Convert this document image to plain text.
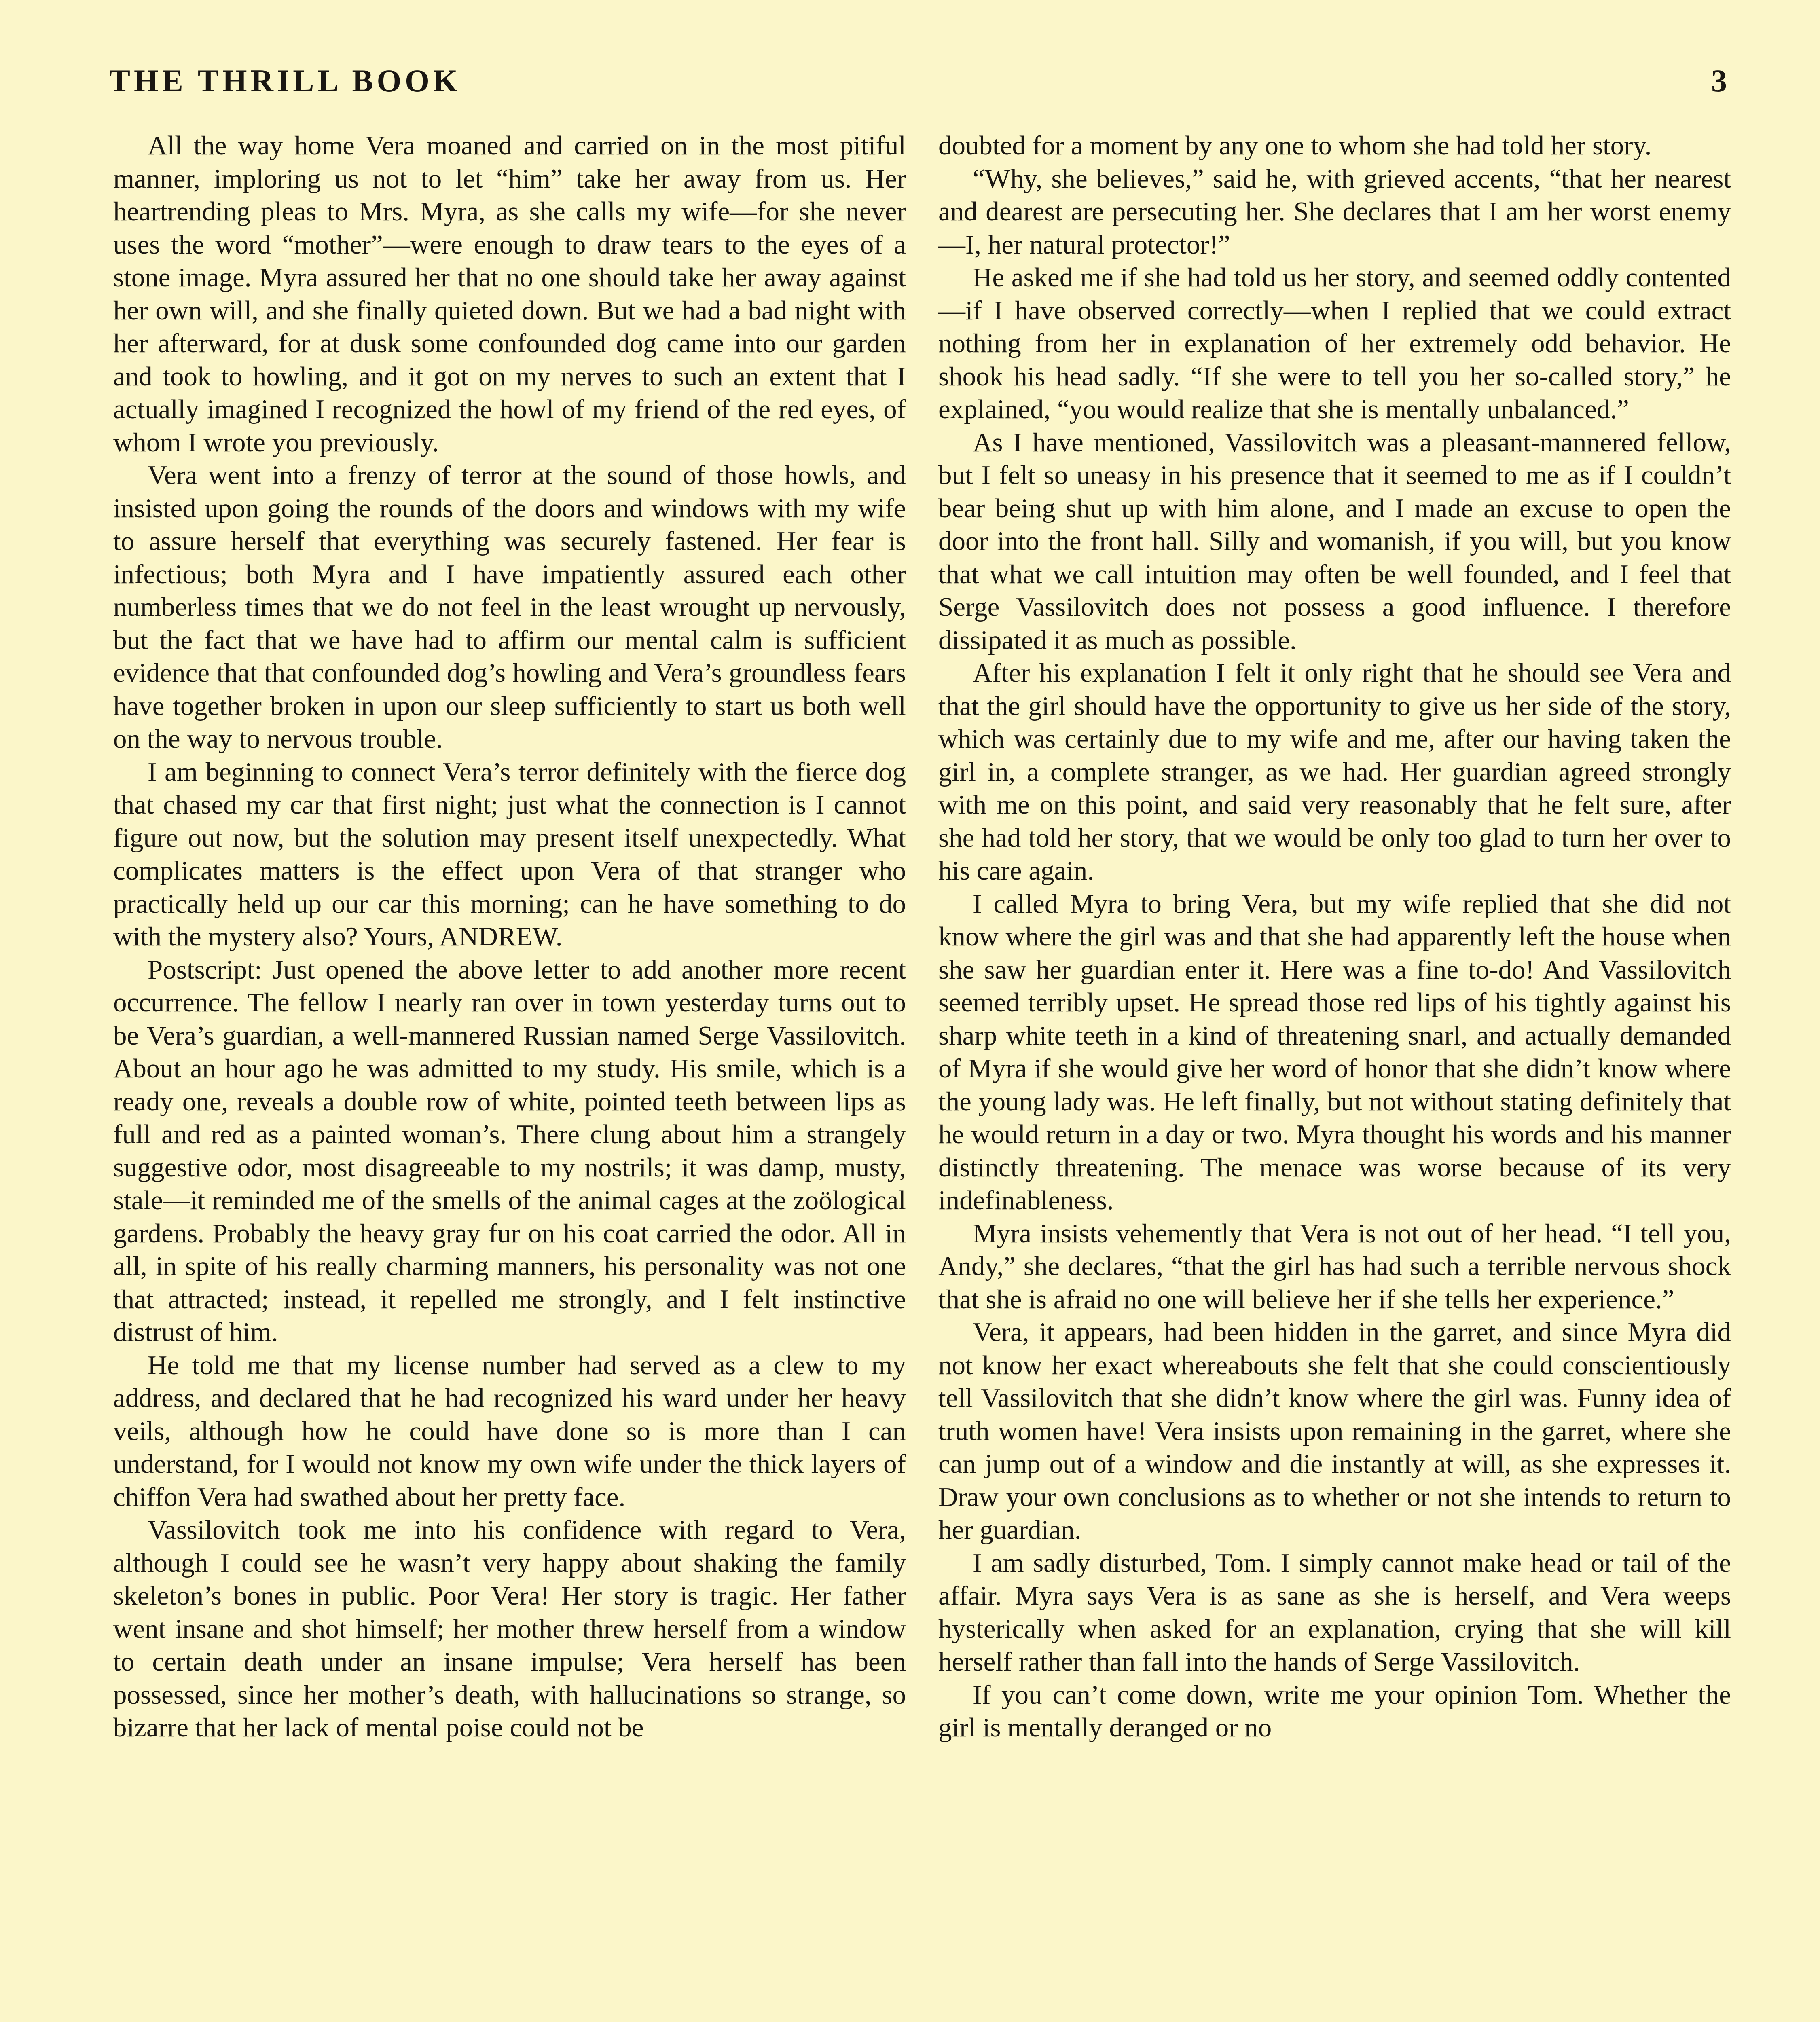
THE THRILL BOOK	3

All the way home Vera moaned and carried on in the most pitiful manner, imploring us not to let “him” take her away from us. Her heartrending pleas to Mrs. Myra, as she calls my wife—for she never uses the word “mother”—were enough to draw tears to the eyes of a stone image. Myra assured her that no one should take her away against her own will, and she finally quieted down. But we had a bad night with her afterward, for at dusk some confounded dog came into our garden and took to howling, and it got on my nerves to such an extent that I actually imagined I recognized the howl of my friend of the red eyes, of whom I wrote you previously.

Vera went into a frenzy of terror at the sound of those howls, and insisted upon going the rounds of the doors and windows with my wife to assure herself that everything was securely fastened. Her fear is infectious; both Myra and I have impatiently assured each other numberless times that we do not feel in the least wrought up nervously, but the fact that we have had to affirm our mental calm is sufficient evidence that that confounded dog’s howling and Vera’s groundless fears have together broken in upon our sleep sufficiently to start us both well on the way to nervous trouble.

I am beginning to connect Vera’s terror definitely with the fierce dog that chased my car that first night; just what the connection is I cannot figure out now, but the solution may present itself unexpectedly. What complicates matters is the effect upon Vera of that stranger who practically held up our car this morning; can he have something to do with the mystery also? Yours, ANDREW.

Postscript: Just opened the above letter to add another more recent occurrence. The fellow I nearly ran over in town yesterday turns out to be Vera’s guardian, a well-mannered Russian named Serge Vassilovitch. About an hour ago he was admitted to my study. His smile, which is a ready one, reveals a double row of white, pointed teeth between lips as full and red as a painted woman’s. There clung about him a strangely suggestive odor, most disagreeable to my nostrils; it was damp, musty, stale—it reminded me of the smells of the animal cages at the zoölogical gardens. Probably the heavy gray fur on his coat carried the odor. All in all, in spite of his really charming manners, his personality was not one that attracted; instead, it repelled me strongly, and I felt instinctive distrust of him.

He told me that my license number had served as a clew to my address, and declared that he had recognized his ward under her heavy veils, although how he could have done so is more than I can understand, for I would not know my own wife under the thick layers of chiffon Vera had swathed about her pretty face.

Vassilovitch took me into his confidence with regard to Vera, although I could see he wasn’t very happy about shaking the family skeleton’s bones in public. Poor Vera! Her story is tragic. Her father went insane and shot himself; her mother threw herself from a window to certain death under an insane impulse; Vera herself has been possessed, since her mother’s death, with hallucinations so strange, so bizarre that her lack of mental poise could not be

doubted for a moment by any one to whom she had told her story.

“Why, she believes,” said he, with grieved accents, “that her nearest and dearest are persecuting her. She declares that I am her worst enemy—I, her natural protector!”

He asked me if she had told us her story, and seemed oddly contented—if I have observed correctly—when I replied that we could extract nothing from her in explanation of her extremely odd behavior. He shook his head sadly. “If she were to tell you her so-called story,” he explained, “you would realize that she is mentally unbalanced.”

As I have mentioned, Vassilovitch was a pleasant-mannered fellow, but I felt so uneasy in his presence that it seemed to me as if I couldn’t bear being shut up with him alone, and I made an excuse to open the door into the front hall. Silly and womanish, if you will, but you know that what we call intuition may often be well founded, and I feel that Serge Vassilovitch does not possess a good influence. I therefore dissipated it as much as possible.

After his explanation I felt it only right that he should see Vera and that the girl should have the opportunity to give us her side of the story, which was certainly due to my wife and me, after our having taken the girl in, a complete stranger, as we had. Her guardian agreed strongly with me on this point, and said very reasonably that he felt sure, after she had told her story, that we would be only too glad to turn her over to his care again.

I called Myra to bring Vera, but my wife replied that she did not know where the girl was and that she had apparently left the house when she saw her guardian enter it. Here was a fine to-do! And Vassilovitch seemed terribly upset. He spread those red lips of his tightly against his sharp white teeth in a kind of threatening snarl, and actually demanded of Myra if she would give her word of honor that she didn’t know where the young lady was. He left finally, but not without stating definitely that he would return in a day or two. Myra thought his words and his manner distinctly threatening. The menace was worse because of its very indefinableness.

Myra insists vehemently that Vera is not out of her head. “I tell you, Andy,” she declares, “that the girl has had such a terrible nervous shock that she is afraid no one will believe her if she tells her experience.”

Vera, it appears, had been hidden in the garret, and since Myra did not know her exact whereabouts she felt that she could conscientiously tell Vassilovitch that she didn’t know where the girl was. Funny idea of truth women have! Vera insists upon remaining in the garret, where she can jump out of a window and die instantly at will, as she expresses it. Draw your own conclusions as to whether or not she intends to return to her guardian.

I am sadly disturbed, Tom. I simply cannot make head or tail of the affair. Myra says Vera is as sane as she is herself, and Vera weeps hysterically when asked for an explanation, crying that she will kill herself rather than fall into the hands of Serge Vassilovitch.

If you can’t come down, write me your opinion Tom. Whether the girl is mentally deranged or no
